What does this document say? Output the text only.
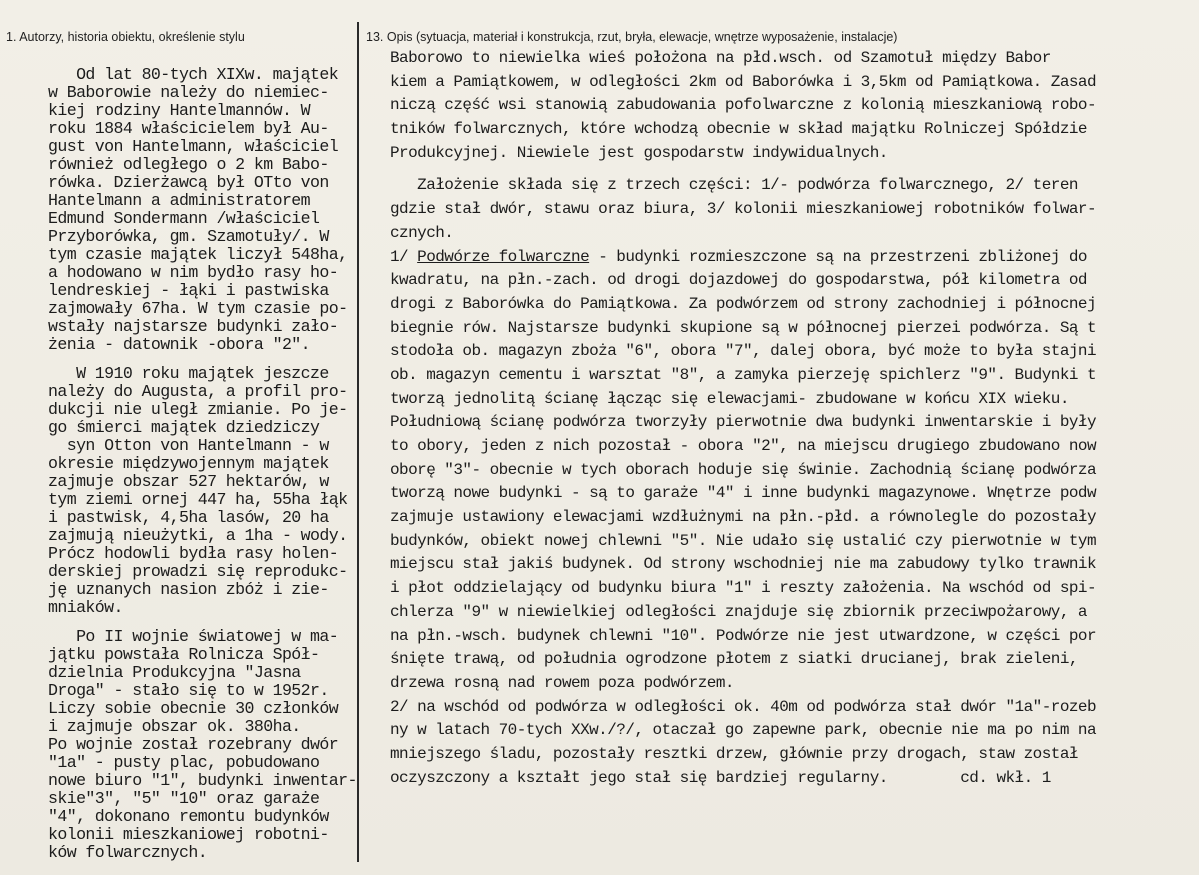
1. Autorzy, historia obiektu, określenie stylu	13. Opis (sytuacja, materiał i konstrukcja, rzut, bryła, elewacje, wnętrze wyposażenie, instalacje)
Od lat 80-tych XIXw. majątek
w Baborowie należy do niemiec-
kiej rodziny Hantelmannów. W
roku 1884 właścicielem był Au-
gust von Hantelmann, właściciel
również odległego o 2 km Babo-
rówka. Dzierżawcą był OTto von
Hantelmann a administratorem
Edmund Sondermann /właściciel
Przyborówka, gm. Szamotuły/. W
tym czasie majątek liczył 548ha,
a hodowano w nim bydło rasy ho-
lendreskiej - łąki i pastwiska
zajmowały 67ha. W tym czasie po-
wstały najstarsze budynki zało-
żenia - datownik -obora "2".
W 1910 roku majątek jeszcze
należy do Augusta, a profil pro-
dukcji nie uległ zmianie. Po je-
go śmierci majątek dziedziczy
syn Otton von Hantelmann - w
okresie międzywojennym majątek
zajmuje obszar 527 hektarów, w
tym ziemi ornej 447 ha, 55ha łąk
i pastwisk, 4,5ha lasów, 20 ha
zajmują nieużytki, a 1ha - wody.
Prócz hodowli bydła rasy holen-
derskiej prowadzi się reprodukc-
ję uznanych nasion zbóż i zie-
mniaków.
Po II wojnie światowej w ma-
jątku powstała Rolnicza Spół-
dzielnia Produkcyjna "Jasna
Droga" - stało się to w 1952r.
Liczy sobie obecnie 30 członków
i zajmuje obszar ok. 380ha.
Po wojnie został rozebrany dwór
"1a" - pusty plac, pobudowano
nowe biuro "1", budynki inwentar-
skie"3", "5" "10" oraz garaże
"4", dokonano remontu budynków
kolonii mieszkaniowej robotni-
ków folwarcznych.
Baborowo to niewielka wieś położona na płd.wsch. od Szamotuł między Babor
kiem a Pamiątkowem, w odległości 2km od Baborówka i 3,5km od Pamiątkowa. Zasad
niczą część wsi stanowią zabudowania pofolwarczne z kolonią mieszkaniową robo-
tników folwarcznych, które wchodzą obecnie w skład majątku Rolniczej Spółdzie
Produkcyjnej. Niewiele jest gospodarstw indywidualnych.
Założenie składa się z trzech części: 1/- podwórza folwarcznego, 2/ teren
gdzie stał dwór, stawu oraz biura, 3/ kolonii mieszkaniowej robotników folwar-
cznych.
1/ Podwórze folwarczne - budynki rozmieszczone są na przestrzeni zbliżonej do
kwadratu, na płn.-zach. od drogi dojazdowej do gospodarstwa, pół kilometra od
drogi z Baborówka do Pamiątkowa. Za podwórzem od strony zachodniej i północnej
biegnie rów. Najstarsze budynki skupione są w północnej pierzei podwórza. Są t
stodoła ob. magazyn zboża "6", obora "7", dalej obora, być może to była stajni
ob. magazyn cementu i warsztat "8", a zamyka pierzeję spichlerz "9". Budynki t
tworzą jednolitą ścianę łącząc się elewacjami- zbudowane w końcu XIX wieku.
Południową ścianę podwórza tworzyły pierwotnie dwa budynki inwentarskie i były
to obory, jeden z nich pozostał - obora "2", na miejscu drugiego zbudowano now
oborę "3"- obecnie w tych oborach hoduje się świnie. Zachodnią ścianę podwórza
tworzą nowe budynki - są to garaże "4" i inne budynki magazynowe. Wnętrze podw
zajmuje ustawiony elewacjami wzdłużnymi na płn.-płd. a równolegle do pozostały
budynków, obiekt nowej chlewni "5". Nie udało się ustalić czy pierwotnie w tym
miejscu stał jakiś budynek. Od strony wschodniej nie ma zabudowy tylko trawnik
i płot oddzielający od budynku biura "1" i reszty założenia. Na wschód od spi-
chlerza "9" w niewielkiej odległości znajduje się zbiornik przeciwpożarowy, a
na płn.-wsch. budynek chlewni "10". Podwórze nie jest utwardzone, w części por
śnięte trawą, od południa ogrodzone płotem z siatki drucianej, brak zieleni,
drzewa rosną nad rowem poza podwórzem.
2/ na wschód od podwórza w odległości ok. 40m od podwórza stał dwór "1a"-rozeb
ny w latach 70-tych XXw./?/, otaczał go zapewne park, obecnie nie ma po nim na
mniejszego śladu, pozostały resztki drzew, głównie przy drogach, staw został
oczyszczony a kształt jego stał się bardziej regularny.        cd. wkł. 1
